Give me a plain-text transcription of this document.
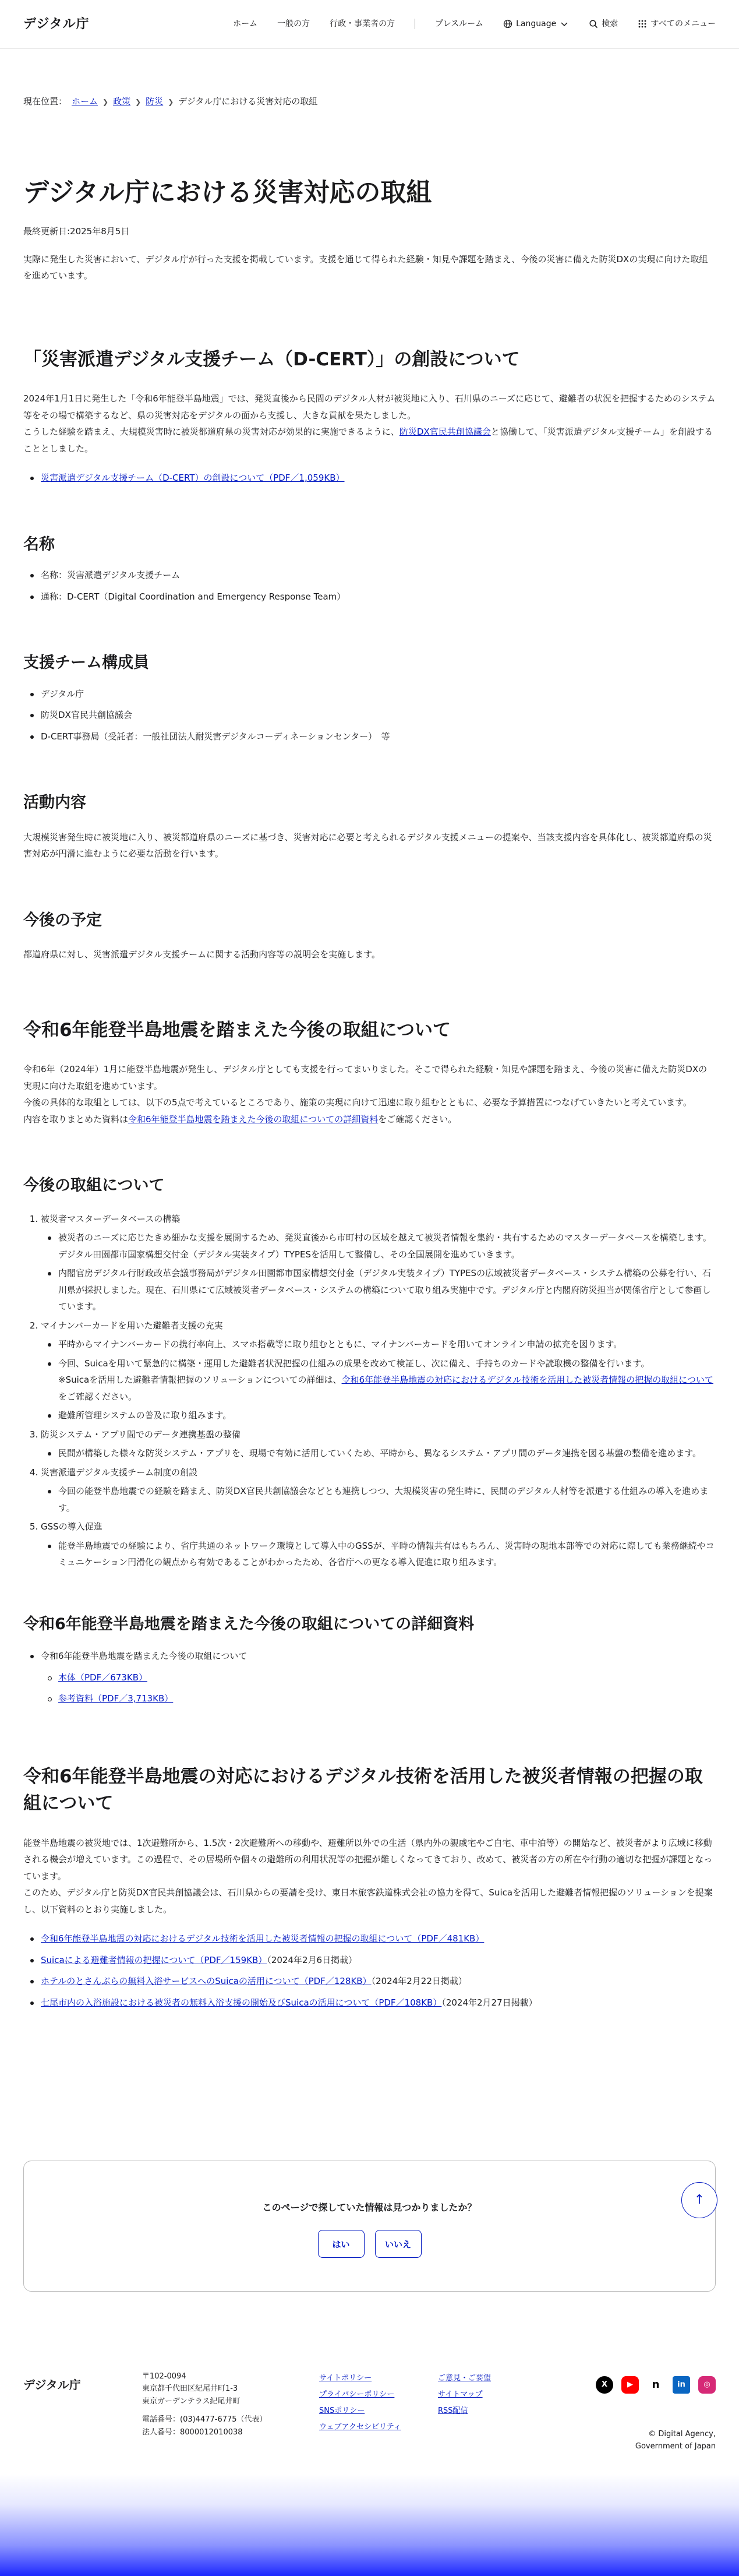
デジタル庁	ホーム 一般の方 行政・事業者の方	プレスルーム	Language	検索	すべてのメニュー
現在位置： ホーム ❯ 政策 ❯ 防災 ❯ デジタル庁における災害対応の取組
デジタル庁における災害対応の取組
最終更新日:2025年8月5日

実際に発生した災害において、デジタル庁が行った支援を掲載しています。支援を通じて得られた経験・知見や課題を踏まえ、今後の災害に備えた防災DXの実現に向けた取組を進めています。

「災害派遣デジタル支援チーム（D-CERT）」の創設について

2024年1月1日に発生した「令和6年能登半島地震」では、発災直後から民間のデジタル人材が被災地に入り、石川県のニーズに応じて、避難者の状況を把握するためのシステム等をその場で構築するなど、県の災害対応をデジタルの面から支援し、大きな貢献を果たしました。
こうした経験を踏まえ、大規模災害時に被災都道府県の災害対応が効果的に実施できるように、防災DX官民共創協議会と協働して、「災害派遣デジタル支援チーム」を創設することとしました。

災害派遣デジタル支援チーム（D-CERT）の創設について（PDF／1,059KB）
名称
名称：災害派遣デジタル支援チーム
通称：D-CERT（Digital Coordination and Emergency Response Team）
支援チーム構成員
デジタル庁
防災DX官民共創協議会
D-CERT事務局（受託者：一般社団法人耐災害デジタルコーディネーションセンター）　等
活動内容

大規模災害発生時に被災地に入り、被災都道府県のニーズに基づき、災害対応に必要と考えられるデジタル支援メニューの提案や、当該支援内容を具体化し、被災都道府県の災害対応が円滑に進むように必要な活動を行います。

今後の予定

都道府県に対し、災害派遣デジタル支援チームに関する活動内容等の説明会を実施します。

令和6年能登半島地震を踏まえた今後の取組について

令和6年（2024年）1月に能登半島地震が発生し、デジタル庁としても支援を行ってまいりました。そこで得られた経験・知見や課題を踏まえ、今後の災害に備えた防災DXの実現に向けた取組を進めています。

今後の具体的な取組としては、以下の5点で考えているところであり、施策の実現に向けて迅速に取り組むとともに、必要な予算措置につなげていきたいと考えています。

内容を取りまとめた資料は令和6年能登半島地震を踏まえた今後の取組についての詳細資料をご確認ください。

今後の取組について
1. 被災者マスターデータベースの構築
被災者のニーズに応じたきめ細かな支援を展開するため、発災直後から市町村の区域を越えて被災者情報を集約・共有するためのマスターデータベースを構築します。デジタル田園都市国家構想交付金（デジタル実装タイプ）TYPESを活用して整備し、その全国展開を進めていきます。
内閣官房デジタル行財政改革会議事務局がデジタル田園都市国家構想交付金（デジタル実装タイプ）TYPESの広域被災者データベース・システム構築の公募を行い、石川県が採択しました。現在、石川県にて広域被災者データベース・システムの構築について取り組み実施中です。デジタル庁と内閣府防災担当が関係省庁として参画しています。
2. マイナンバーカードを用いた避難者支援の充実
平時からマイナンバーカードの携行率向上、スマホ搭載等に取り組むとともに、マイナンバーカードを用いてオンライン申請の拡充を図ります。
今回、Suicaを用いて緊急的に構築・運用した避難者状況把握の仕組みの成果を改めて検証し、次に備え、手持ちのカードや読取機の整備を行います。
※Suicaを活用した避難者情報把握のソリューションについての詳細は、令和6年能登半島地震の対応におけるデジタル技術を活用した被災者情報の把握の取組についてをご確認ください。
避難所管理システムの普及に取り組みます。
3. 防災システム・アプリ間でのデータ連携基盤の整備
民間が構築した様々な防災システム・アプリを、現場で有効に活用していくため、平時から、異なるシステム・アプリ間のデータ連携を図る基盤の整備を進めます。
4. 災害派遣デジタル支援チーム制度の創設
今回の能登半島地震での経験を踏まえ、防災DX官民共創協議会などとも連携しつつ、大規模災害の発生時に、民間のデジタル人材等を派遣する仕組みの導入を進めます。
5. GSSの導入促進
能登半島地震での経験により、省庁共通のネットワーク環境として導入中のGSSが、平時の情報共有はもちろん、災害時の現地本部等での対応に際しても業務継続やコミュニケーション円滑化の観点から有効であることがわかったため、各省庁への更なる導入促進に取り組みます。
令和6年能登半島地震を踏まえた今後の取組についての詳細資料
令和6年能登半島地震を踏まえた今後の取組について
本体（PDF／673KB）
参考資料（PDF／3,713KB）
令和6年能登半島地震の対応におけるデジタル技術を活用した被災者情報の把握の取組について

能登半島地震の被災地では、1次避難所から、1.5次・2次避難所への移動や、避難所以外での生活（県内外の親戚宅やご自宅、車中泊等）の開始など、被災者がより広域に移動される機会が増えています。この過程で、その居場所や個々の避難所の利用状況等の把握が難しくなってきており、改めて、被災者の方の所在や行動の適切な把握が課題となっています。

このため、デジタル庁と防災DX官民共創協議会は、石川県からの要請を受け、東日本旅客鉄道株式会社の協力を得て、Suicaを活用した避難者情報把握のソリューションを提案し、以下資料のとおり実施しました。

令和6年能登半島地震の対応におけるデジタル技術を活用した被災者情報の把握の取組について（PDF／481KB）
Suicaによる避難者情報の把握について（PDF／159KB）（2024年2月6日掲載）
ホテルのとさんぶらの無料入浴サービスへのSuicaの活用について（PDF／128KB）（2024年2月22日掲載）
七尾市内の入浴施設における被災者の無料入浴支援の開始及びSuicaの活用について（PDF／108KB）（2024年2月27日掲載）
このページで探していた情報は見つかりましたか？
はい	いいえ
↑
デジタル庁
〒102-0094
東京都千代田区紀尾井町1-3
東京ガーデンテラス紀尾井町
電話番号：(03)4477-6775（代表）
法人番号：8000012010038
サイトポリシー
プライバシーポリシー
SNSポリシー
ウェブアクセシビリティ
ご意見・ご要望
サイトマップ
RSS配信
X	▶	n	in	◎
© Digital Agency,
Government of Japan
